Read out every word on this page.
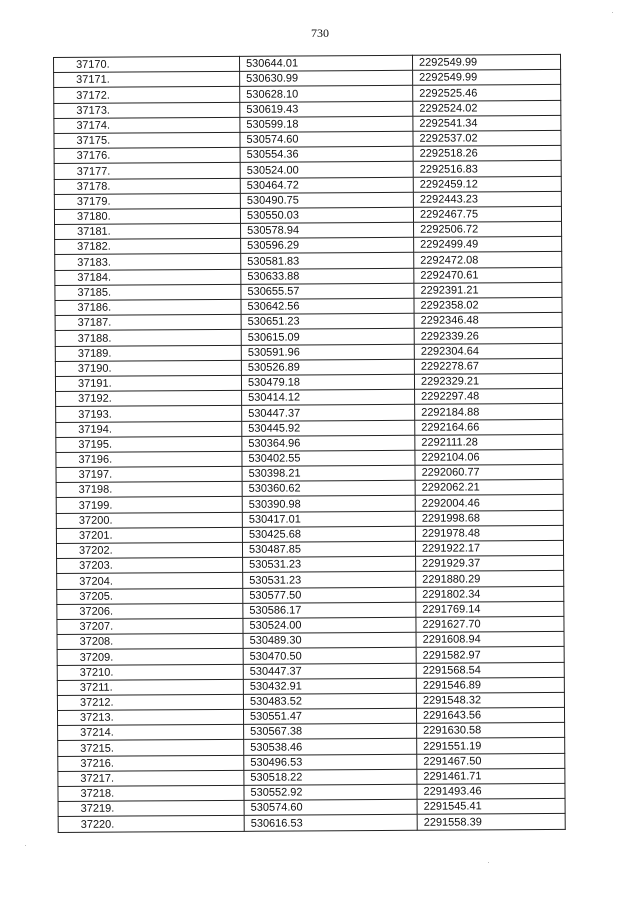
730
37170.	530644.01	2292549.99
37171.	530630.99	2292549.99
37172.	530628.10	2292525.46
37173.	530619.43	2292524.02
37174.	530599.18	2292541.34
37175.	530574.60	2292537.02
37176.	530554.36	2292518.26
37177.	530524.00	2292516.83
37178.	530464.72	2292459.12
37179.	530490.75	2292443.23
37180.	530550.03	2292467.75
37181.	530578.94	2292506.72
37182.	530596.29	2292499.49
37183.	530581.83	2292472.08
37184.	530633.88	2292470.61
37185.	530655.57	2292391.21
37186.	530642.56	2292358.02
37187.	530651.23	2292346.48
37188.	530615.09	2292339.26
37189.	530591.96	2292304.64
37190.	530526.89	2292278.67
37191.	530479.18	2292329.21
37192.	530414.12	2292297.48
37193.	530447.37	2292184.88
37194.	530445.92	2292164.66
37195.	530364.96	2292111.28
37196.	530402.55	2292104.06
37197.	530398.21	2292060.77
37198.	530360.62	2292062.21
37199.	530390.98	2292004.46
37200.	530417.01	2291998.68
37201.	530425.68	2291978.48
37202.	530487.85	2291922.17
37203.	530531.23	2291929.37
37204.	530531.23	2291880.29
37205.	530577.50	2291802.34
37206.	530586.17	2291769.14
37207.	530524.00	2291627.70
37208.	530489.30	2291608.94
37209.	530470.50	2291582.97
37210.	530447.37	2291568.54
37211.	530432.91	2291546.89
37212.	530483.52	2291548.32
37213.	530551.47	2291643.56
37214.	530567.38	2291630.58
37215.	530538.46	2291551.19
37216.	530496.53	2291467.50
37217.	530518.22	2291461.71
37218.	530552.92	2291493.46
37219.	530574.60	2291545.41
37220.	530616.53	2291558.39
